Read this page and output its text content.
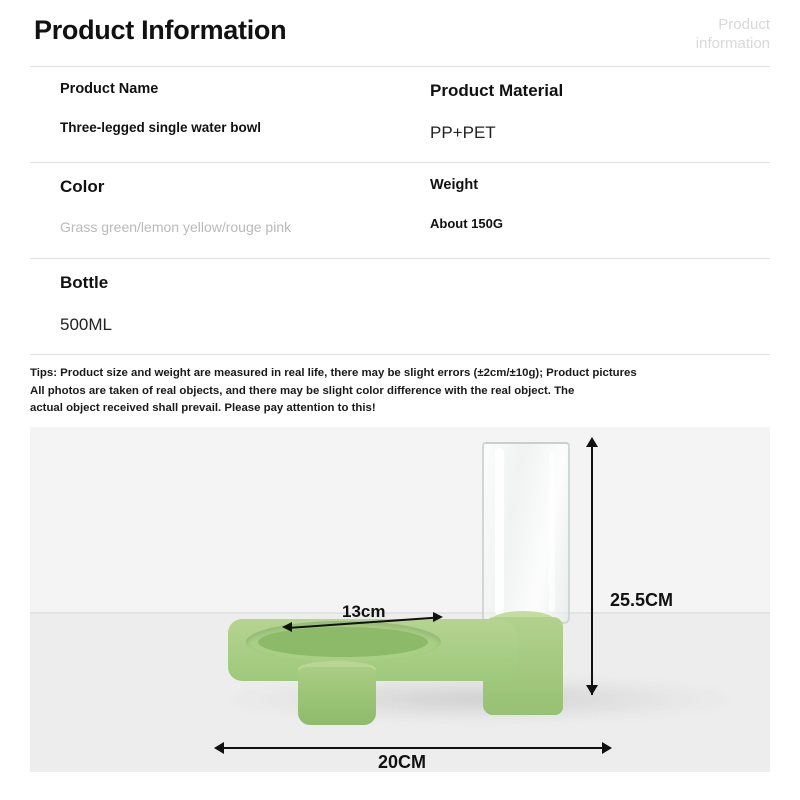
Product Information	Product
information
Product Name
Three-legged single water bowl
Product Material
PP+PET
Color
Grass green/lemon yellow/rouge pink
Weight
About 150G
Bottle
500ML

Tips: Product size and weight are measured in real life, there may be slight errors (±2cm/±10g); Product pictures

All photos are taken of real objects, and there may be slight color difference with the real object. The

actual object received shall prevail. Please pay attention to this!

13cm
25.5CM
20CM
